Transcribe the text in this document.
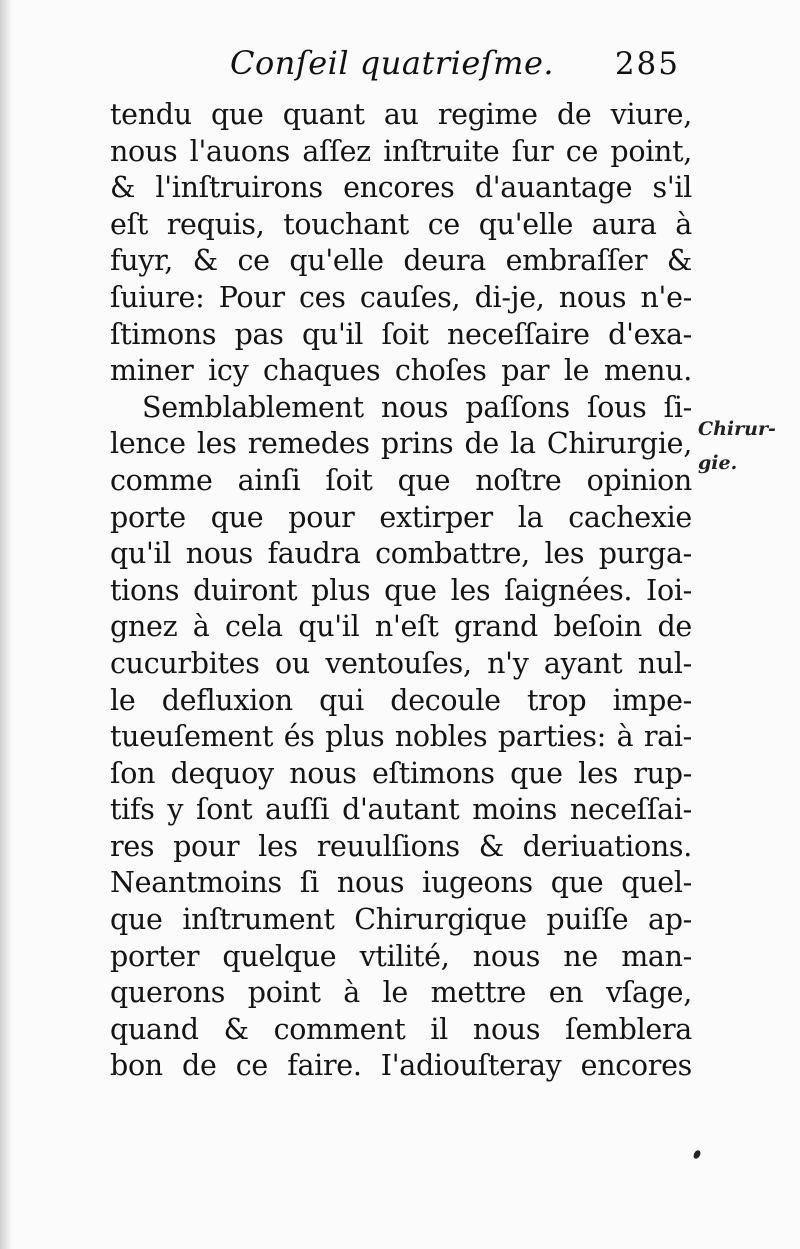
Conſeil quatrieſme. 285
tendu que quant au regime de viure,
nous l'auons aſſez inſtruite ſur ce point,
& l'inſtruirons encores d'auantage s'il
eſt requis, touchant ce qu'elle aura à
fuyr, & ce qu'elle deura embraſſer &
ſuiure: Pour ces cauſes, di-je, nous n'e-
ſtimons pas qu'il ſoit neceſſaire d'exa-
miner icy chaques choſes par le menu.
Semblablement nous paſſons ſous ſi-
lence les remedes prins de la Chirurgie,
comme ainſi ſoit que noſtre opinion
porte que pour extirper la cachexie
qu'il nous faudra combattre, les purga-
tions duiront plus que les ſaignées. Ioi-
gnez à cela qu'il n'eſt grand beſoin de
cucurbites ou ventouſes, n'y ayant nul-
le defluxion qui decoule trop impe-
tueuſement és plus nobles parties: à rai-
ſon dequoy nous eſtimons que les rup-
tifs y ſont auſſi d'autant moins neceſſai-
res pour les reuulſions & deriuations.
Neantmoins ſi nous iugeons que quel-
que inſtrument Chirurgique puiſſe ap-
porter quelque vtilité, nous ne man-
querons point à le mettre en vſage,
quand & comment il nous ſemblera
bon de ce faire. I'adiouſteray encores
Chirur-
gie.
